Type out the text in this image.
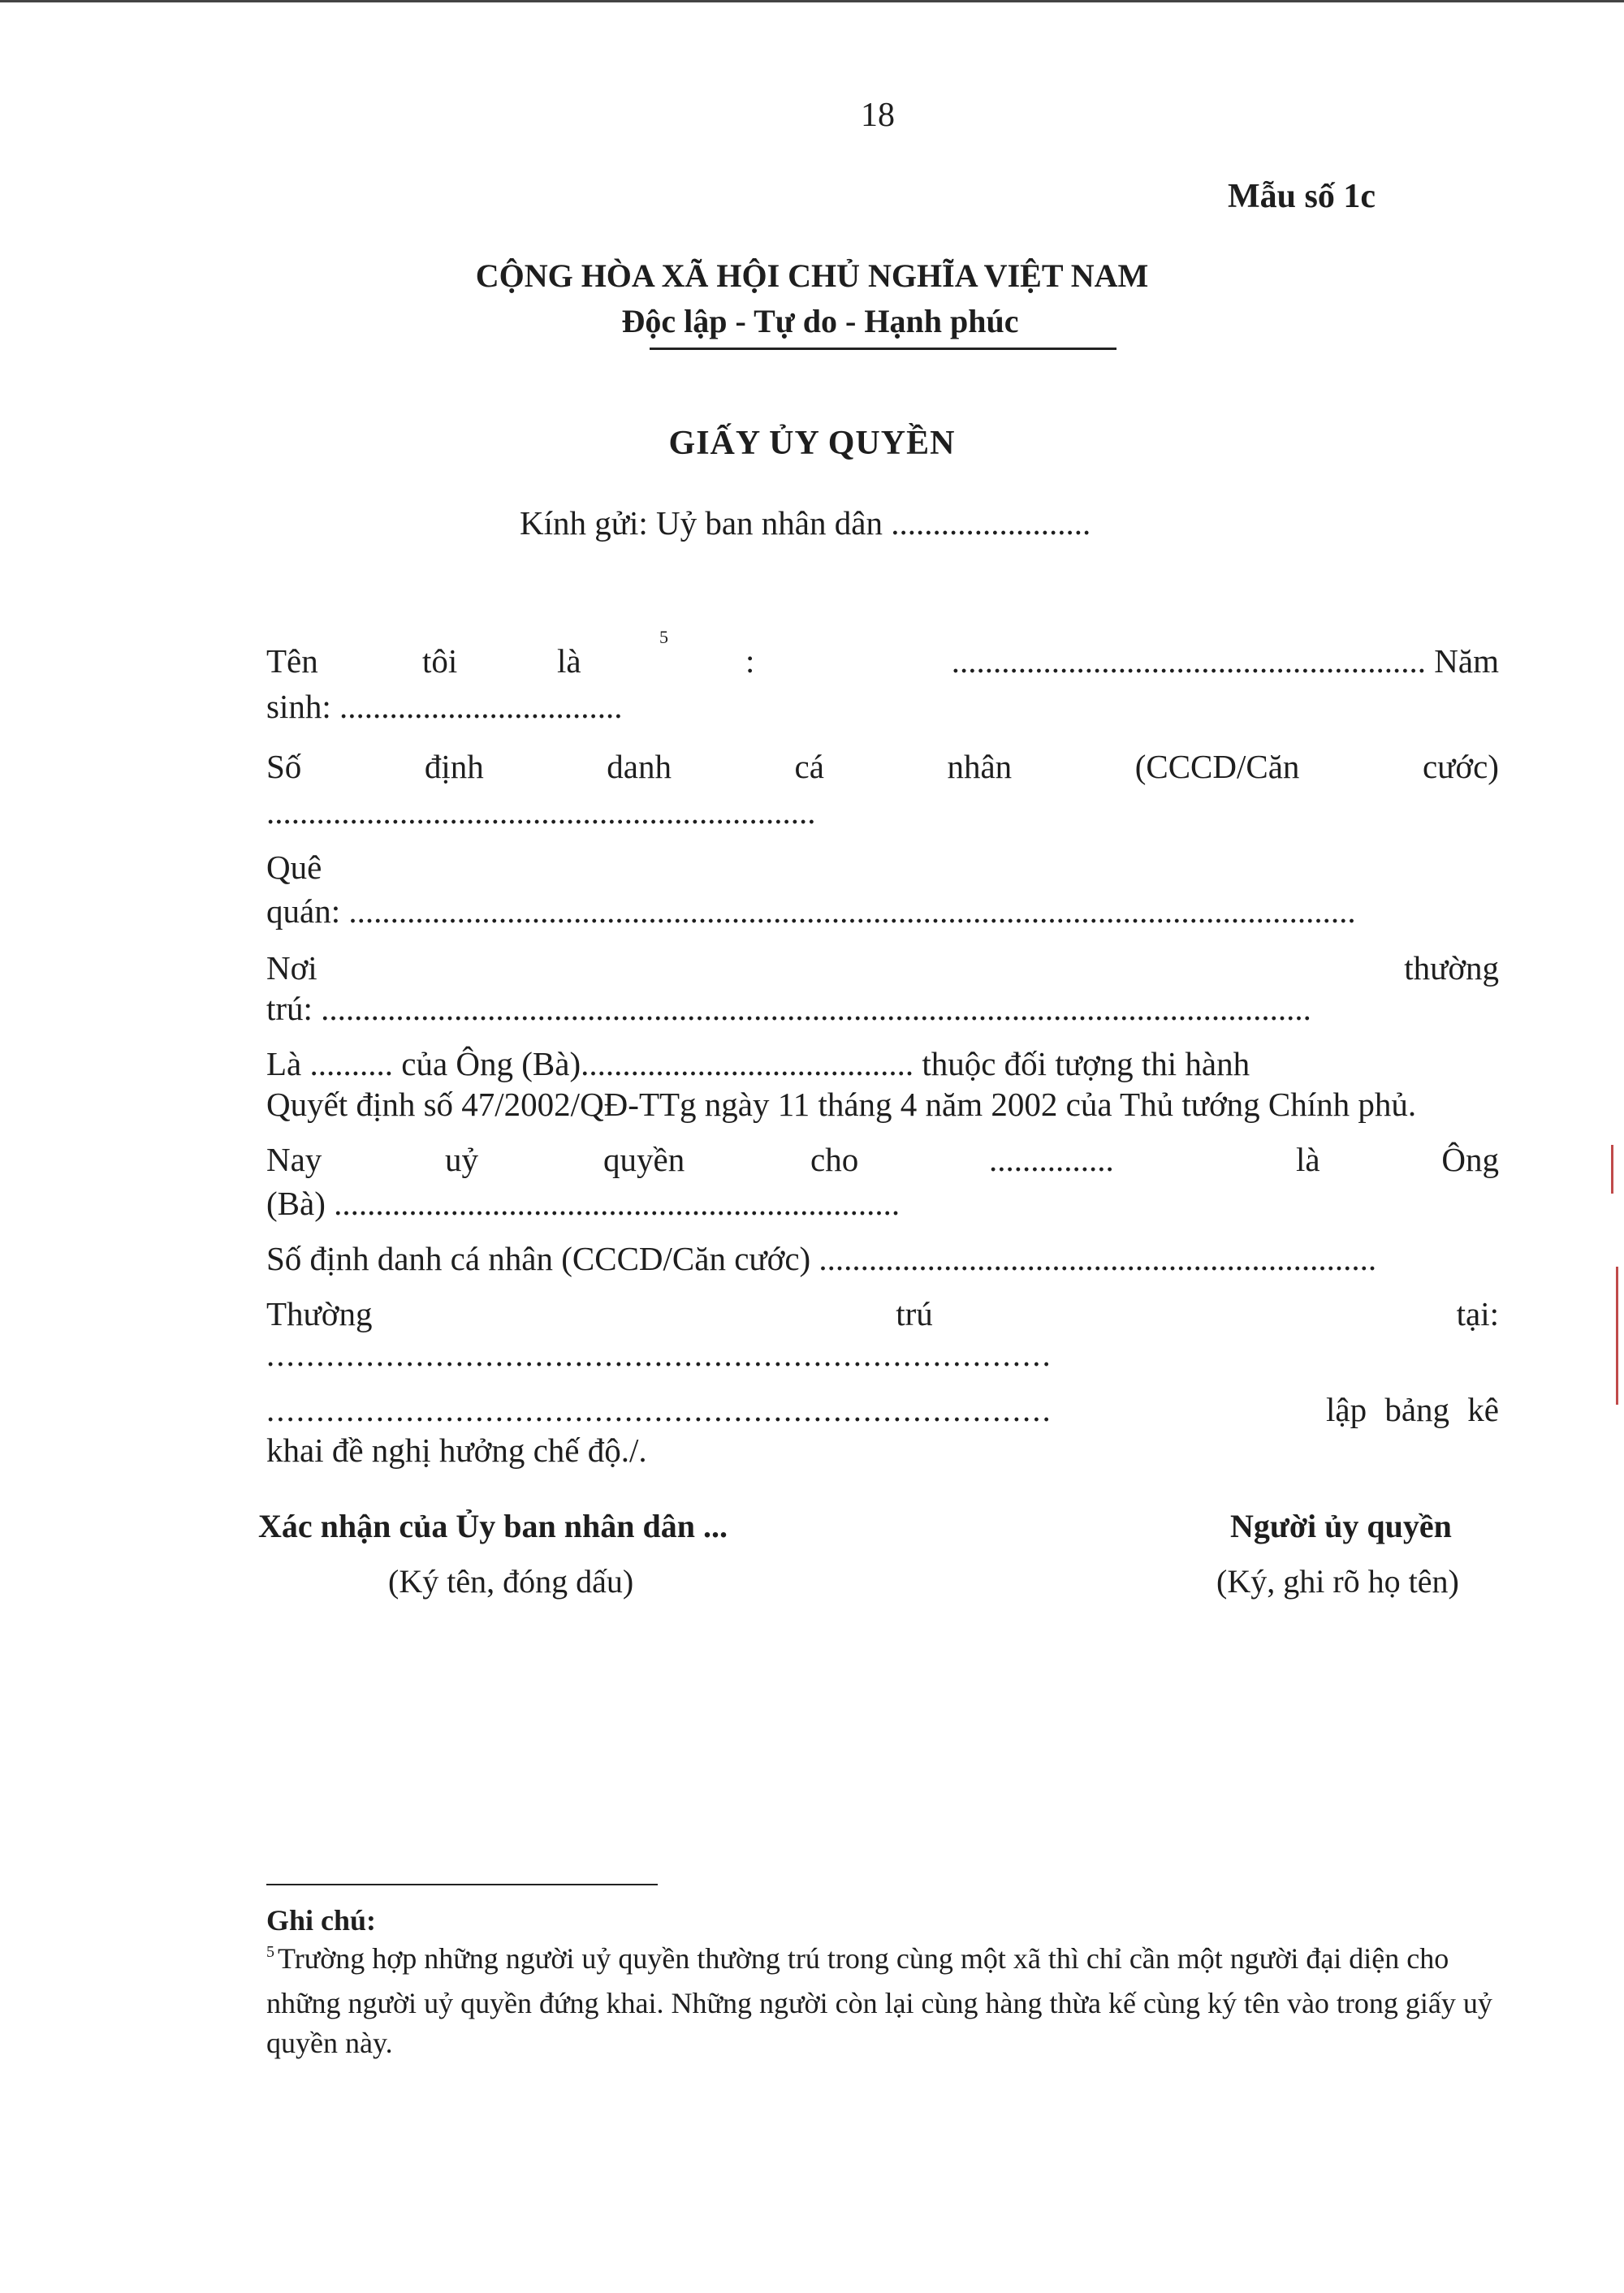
18
Mẫu số 1c
CỘNG HÒA XÃ HỘI CHỦ NGHĨA VIỆT NAM
Độc lập - Tự do - Hạnh phúc
GIẤY ỦY QUYỀN
Kính gửi: Uỷ ban nhân dân ........................
Tên	tôi	là
5
:	......................................................... Năm
sinh: ..................................
Số	định	danh	cá	nhân	(CCCD/Căn	cước)
..................................................................
Quê
quán: .........................................................................................................................
Nơi	thường
trú: .......................................................................................................................
Là .......... của Ông (Bà)........................................ thuộc đối tượng thi hành
Quyết định số 47/2002/QĐ-TTg ngày 11 tháng 4 năm 2002 của Thủ tướng Chính phủ.
Nay	uỷ	quyền	cho	...............	là	Ông
(Bà) ....................................................................
Số định danh cá nhân (CCCD/Căn cước) ...................................................................
Thường	trú	tại:
...............................................................................
...............................................................................	lập bảng kê
khai đề nghị hưởng chế độ./.
Xác nhận của Ủy ban nhân dân ...
(Ký tên, đóng dấu)
Người ủy quyền
(Ký, ghi rõ họ tên)
Ghi chú:
$^5$ Trường hợp những người uỷ quyền thường trú trong cùng một xã thì chỉ cần một người đại diện cho những người uỷ quyền đứng khai. Những người còn lại cùng hàng thừa kế cùng ký tên vào trong giấy uỷ quyền này.
